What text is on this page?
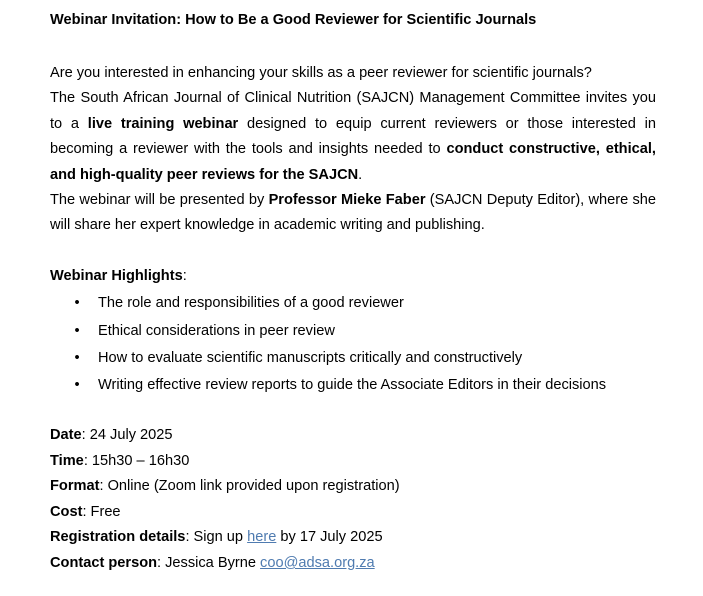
Webinar Invitation: How to Be a Good Reviewer for Scientific Journals

Are you interested in enhancing your skills as a peer reviewer for scientific journals?

The South African Journal of Clinical Nutrition (SAJCN) Management Committee invites you to a live training webinar designed to equip current reviewers or those interested in becoming a reviewer with the tools and insights needed to conduct constructive, ethical, and high-quality peer reviews for the SAJCN.

The webinar will be presented by Professor Mieke Faber (SAJCN Deputy Editor), where she will share her expert knowledge in academic writing and publishing.

Webinar Highlights:

• The role and responsibilities of a good reviewer
• Ethical considerations in peer review
• How to evaluate scientific manuscripts critically and constructively
• Writing effective review reports to guide the Associate Editors in their decisions

Date: 24 July 2025

Time: 15h30 – 16h30

Format: Online (Zoom link provided upon registration)

Cost: Free

Registration details: Sign up here by 17 July 2025

Contact person: Jessica Byrne coo@adsa.org.za
